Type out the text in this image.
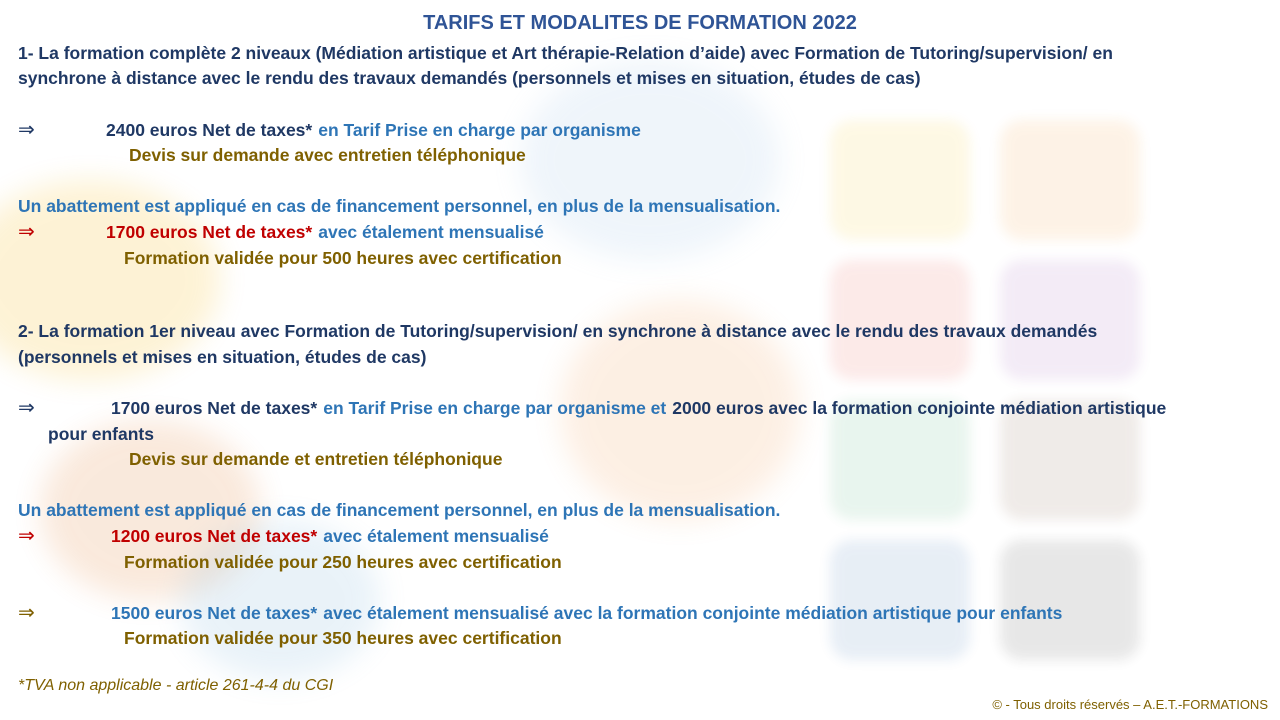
TARIFS ET MODALITES DE FORMATION 2022
1- La formation complète 2 niveaux (Médiation artistique et Art thérapie-Relation d’aide) avec Formation de Tutoring/supervision/ en
synchrone à distance avec le rendu des travaux demandés (personnels et mises en situation, études de cas)
⇒	2400 euros Net de taxes* en Tarif Prise en charge par organisme
Devis sur demande avec entretien téléphonique
Un abattement est appliqué en cas de financement personnel, en plus de la mensualisation.
⇒	1700 euros Net de taxes* avec étalement mensualisé
Formation validée pour 500 heures avec certification
2- La formation 1er niveau avec Formation de Tutoring/supervision/ en synchrone à distance avec le rendu des travaux demandés
(personnels et mises en situation, études de cas)
⇒	1700 euros Net de taxes* en Tarif Prise en charge par organisme et 2000 euros avec la formation conjointe médiation artistique
pour enfants
Devis sur demande et entretien téléphonique
Un abattement est appliqué en cas de financement personnel, en plus de la mensualisation.
⇒	1200 euros Net de taxes* avec étalement mensualisé
Formation validée pour 250 heures avec certification
⇒	1500 euros Net de taxes* avec étalement mensualisé avec la formation conjointe médiation artistique pour enfants
Formation validée pour 350 heures avec certification
*TVA non applicable - article 261-4-4 du CGI
© - Tous droits réservés – A.E.T.-FORMATIONS
